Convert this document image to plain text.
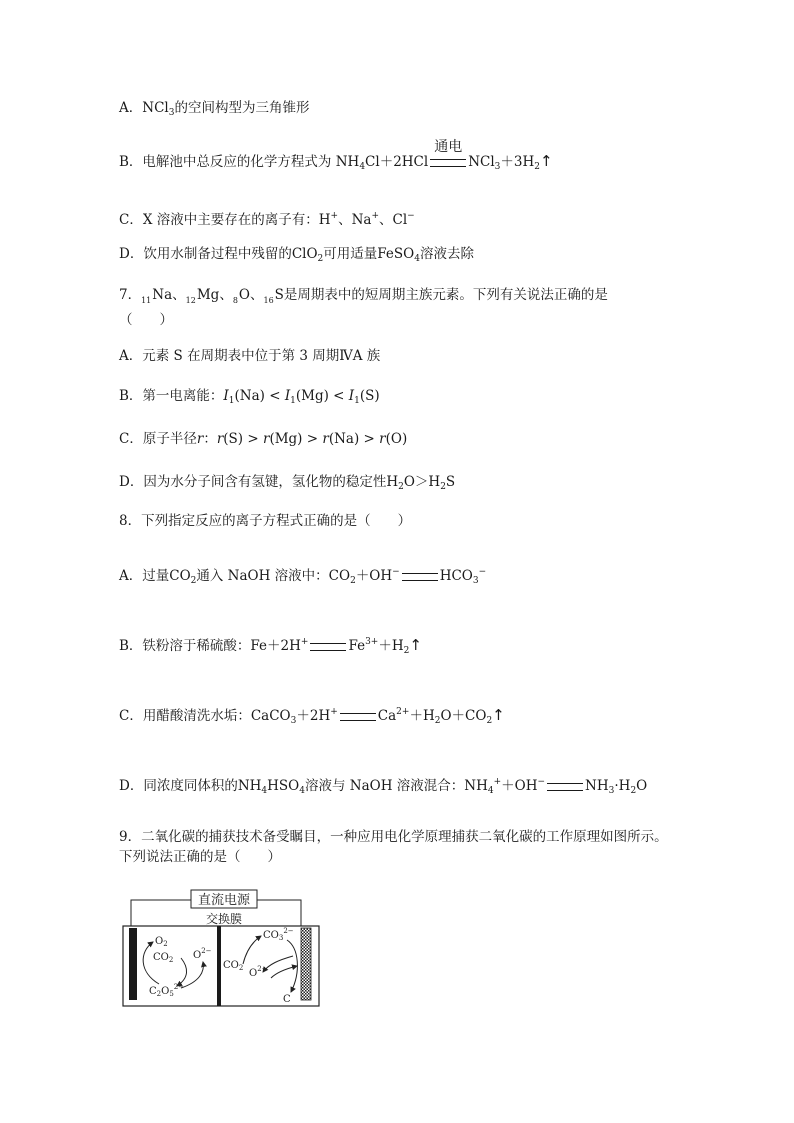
A．NCl$_3$的空间构型为三角锥形
B．电解池中总反应的化学方程式为 $NH_4Cl+2HCl$
通电
$NCl_3+3H_2↑$
C．X 溶液中主要存在的离子有：H+、Na+、Cl−
D．饮用水制备过程中残留的ClO$_2$可用适量FeSO$_4$溶液去除
7．$_{11}$Na、$_{12}$Mg、$_8$O、$_{16}$S是周期表中的短周期主族元素。下列有关说法正确的是
（　　）
A．元素 S 在周期表中位于第 3 周期ⅣA 族
B．第一电离能：$I_1(Na) < I_1(Mg) < I_1(S)$
C．原子半径r：r(S) > r(Mg) > r(Na) > r(O)
D．因为水分子间含有氢键，氢化物的稳定性$H_2O>H_2S$
8．下列指定反应的离子方程式正确的是（　　）
A．过量$CO_2$通入 NaOH 溶液中：$CO_2+OH^-$	$HCO_3^-$
B．铁粉溶于稀硫酸：Fe＋2H+	$Fe^{3+}+H_2↑$
C．用醋酸清洗水垢：CaCO$_3$＋2H+	$Ca^{2+}+H_2O+CO_2↑$
D．同浓度同体积的$NH_4HSO_4$溶液与 NaOH 溶液混合：$NH_4^++OH^-$	$NH_3\cdot H_2O$
9．二氧化碳的捕获技术备受瞩目，一种应用电化学原理捕获二氧化碳的工作原理如图所示。
下列说法正确的是（　　）
直流电源
交换膜
$O_2$
$CO_2$ $O^{2-}$
$C_2O_5^{2-}$
$CO_3^{2-}$
$CO_2$ $O^{2-}$
C
